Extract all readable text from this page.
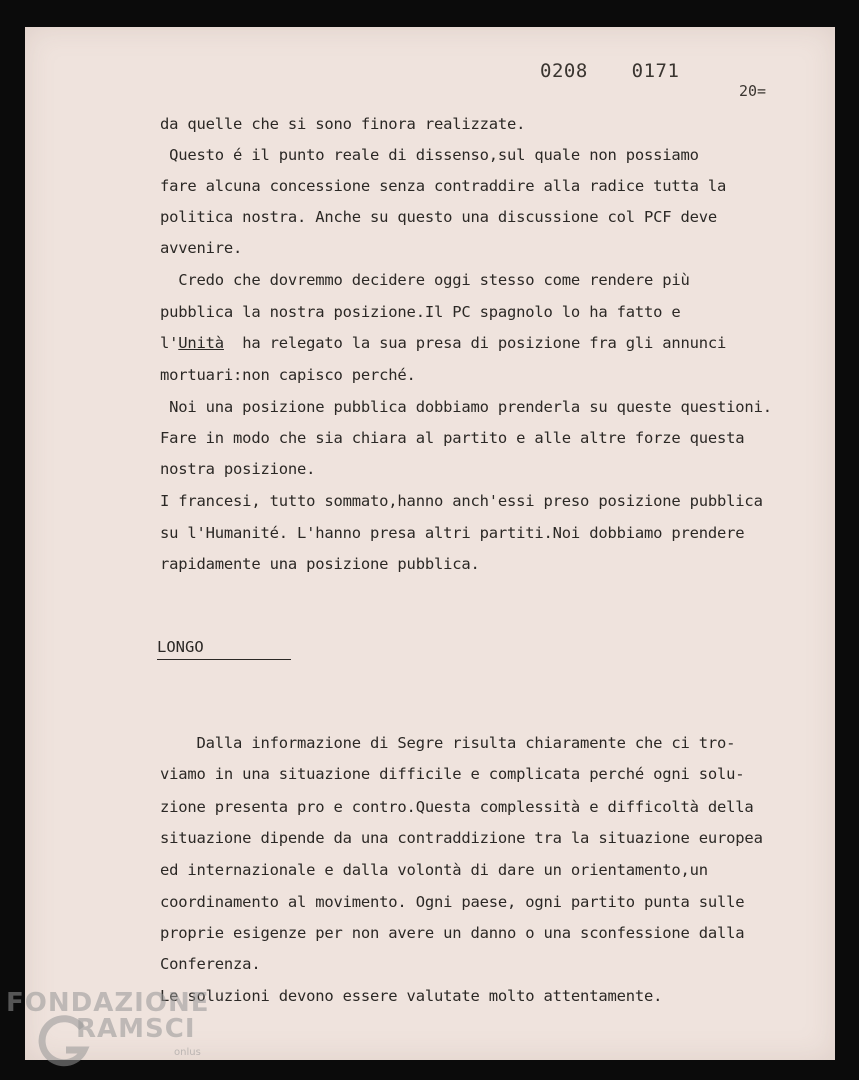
0208  0171
20=
da quelle che si sono finora realizzate.
Questo é il punto reale di dissenso,sul quale non possiamo
fare alcuna concessione senza contraddire alla radice tutta la
politica nostra. Anche su questo una discussione col PCF deve
avvenire.
Credo che dovremmo decidere oggi stesso come rendere più
pubblica la nostra posizione.Il PC spagnolo lo ha fatto e
l'Unità  ha relegato la sua presa di posizione fra gli annunci
mortuari:non capisco perché.
Noi una posizione pubblica dobbiamo prenderla su queste questioni.
Fare in modo che sia chiara al partito e alle altre forze questa
nostra posizione.
I francesi, tutto sommato,hanno anch'essi preso posizione pubblica
su l'Humanité. L'hanno presa altri partiti.Noi dobbiamo prendere
rapidamente una posizione pubblica.
LONGO
Dalla informazione di Segre risulta chiaramente che ci tro-
viamo in una situazione difficile e complicata perché ogni solu-
zione presenta pro e contro.Questa complessità e difficoltà della
situazione dipende da una contraddizione tra la situazione europea
ed internazionale e dalla volontà di dare un orientamento,un
coordinamento al movimento. Ogni paese, ogni partito punta sulle
proprie esigenze per non avere un danno o una sconfessione dalla
Conferenza.
Le soluzioni devono essere valutate molto attentamente.
FONDAZIONE
RAMSCI
onlus
